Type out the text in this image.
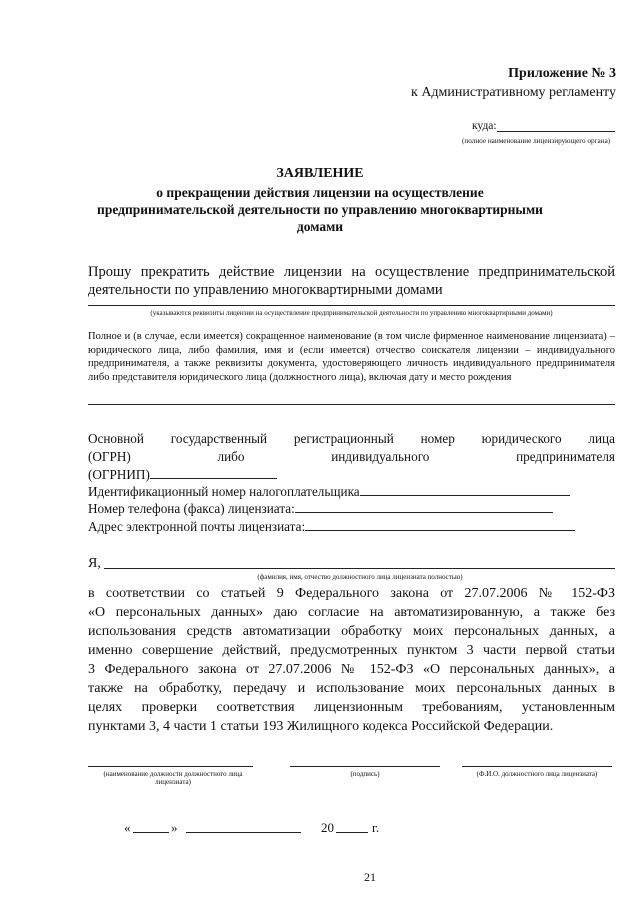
Приложение № 3
к Административному регламенту
куда:
(полное наименование лицензирующего органа)
ЗАЯВЛЕНИЕ
о прекращении действия лицензии на осуществление предпринимательской деятельности по управлению многоквартирными домами
Прошу прекратить действие лицензии на осуществление предпринимательской деятельности по управлению многоквартирными домами
(указываются реквизиты лицензии на осуществление предпринимательской деятельности по управлению многоквартирными домами)
Полное и (в случае, если имеется) сокращенное наименование (в том числе фирменное наименование лицензиата) – юридического лица, либо фамилия, имя и (если имеется) отчество соискателя лицензии – индивидуального предпринимателя, а также реквизиты документа, удостоверяющего личность индивидуального предпринимателя либо представителя юридического лица (должностного лица), включая дату и место рождения
Основной государственный регистрационный номер юридического лица
(ОГРН)	либо	индивидуального	предпринимателя
(ОГРНИП)
Идентификационный номер налогоплательщика
Номер телефона (факса) лицензиата:
Адрес электронной почты лицензиата:
Я,
(фамилия, имя, отчество должностного лица лицензиата полностью)
в соответствии со статьей 9 Федерального закона от 27.07.2006 № 152-ФЗ
«О персональных данных» даю согласие на автоматизированную, а также без
использования средств автоматизации обработку моих персональных данных, а
именно совершение действий, предусмотренных пунктом 3 части первой статьи
3 Федерального закона от 27.07.2006 № 152-ФЗ «О персональных данных», а
также на обработку, передачу и использование моих персональных данных в
целях проверки соответствия лицензионным требованиям, установленным
пунктами 3, 4 части 1 статьи 193 Жилищного кодекса Российской Федерации.
(наименование должности должностного лица лицензиата)
(подпись)	(Ф.И.О. должностного лица лицензиата)
«	»	20	г.
21
